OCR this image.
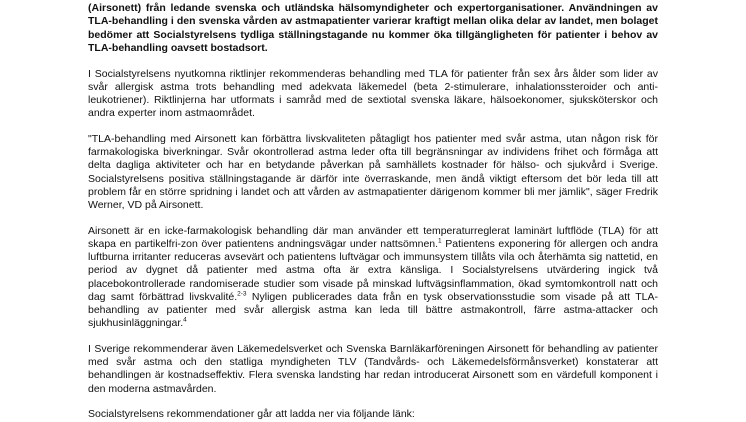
(Airsonett) från ledande svenska och utländska hälsomyndigheter och expertorganisationer. Användningen av TLA-behandling i den svenska vården av astmapatienter varierar kraftigt mellan olika delar av landet, men bolaget bedömer att Socialstyrelsens tydliga ställningstagande nu kommer öka tillgängligheten för patienter i behov av TLA-behandling oavsett bostadsort.

I Socialstyrelsens nyutkomna riktlinjer rekommenderas behandling med TLA för patienter från sex års ålder som lider av svår allergisk astma trots behandling med adekvata läkemedel (beta 2-stimulerare, inhalationssteroider och anti-leukotriener). Riktlinjerna har utformats i samråd med de sextiotal svenska läkare, hälsoekonomer, sjuksköterskor och andra experter inom astmaområdet.

"TLA-behandling med Airsonett kan förbättra livskvaliteten påtagligt hos patienter med svår astma, utan någon risk för farmakologiska biverkningar. Svår okontrollerad astma leder ofta till begränsningar av individens frihet och förmåga att delta dagliga aktiviteter och har en betydande påverkan på samhällets kostnader för hälso- och sjukvård i Sverige. Socialstyrelsens positiva ställningstagande är därför inte överraskande, men ändå viktigt eftersom det bör leda till att problem får en större spridning i landet och att vården av astmapatienter därigenom kommer bli mer jämlik", säger Fredrik Werner, VD på Airsonett.

Airsonett är en icke-farmakologisk behandling där man använder ett temperaturreglerat laminärt luftflöde (TLA) för att skapa en partikelfri-zon över patientens andningsvägar under nattsömnen.$^1$ Patientens exponering för allergen och andra luftburna irritanter reduceras avsevärt och patientens luftvägar och immunsystem tillåts vila och återhämta sig nattetid, en period av dygnet då patienter med astma ofta är extra känsliga. I Socialstyrelsens utvärdering ingick två placebokontrollerade randomiserade studier som visade på minskad luftvägsinflammation, ökad symtomkontroll natt och dag samt förbättrad livskvalité.$^{2-3}$ Nyligen publicerades data från en tysk observationsstudie som visade på att TLA-behandling av patienter med svår allergisk astma kan leda till bättre astmakontroll, färre astma-attacker och sjukhusinläggningar.$^4$

I Sverige rekommenderar även Läkemedelsverket och Svenska Barnläkarföreningen Airsonett för behandling av patienter med svår astma och den statliga myndigheten TLV (Tandvårds- och Läkemedelsförmånsverket) konstaterar att behandlingen är kostnadseffektiv. Flera svenska landsting har redan introducerat Airsonett som en värdefull komponent i den moderna astmavården.

Socialstyrelsens rekommendationer går att ladda ner via följande länk:
